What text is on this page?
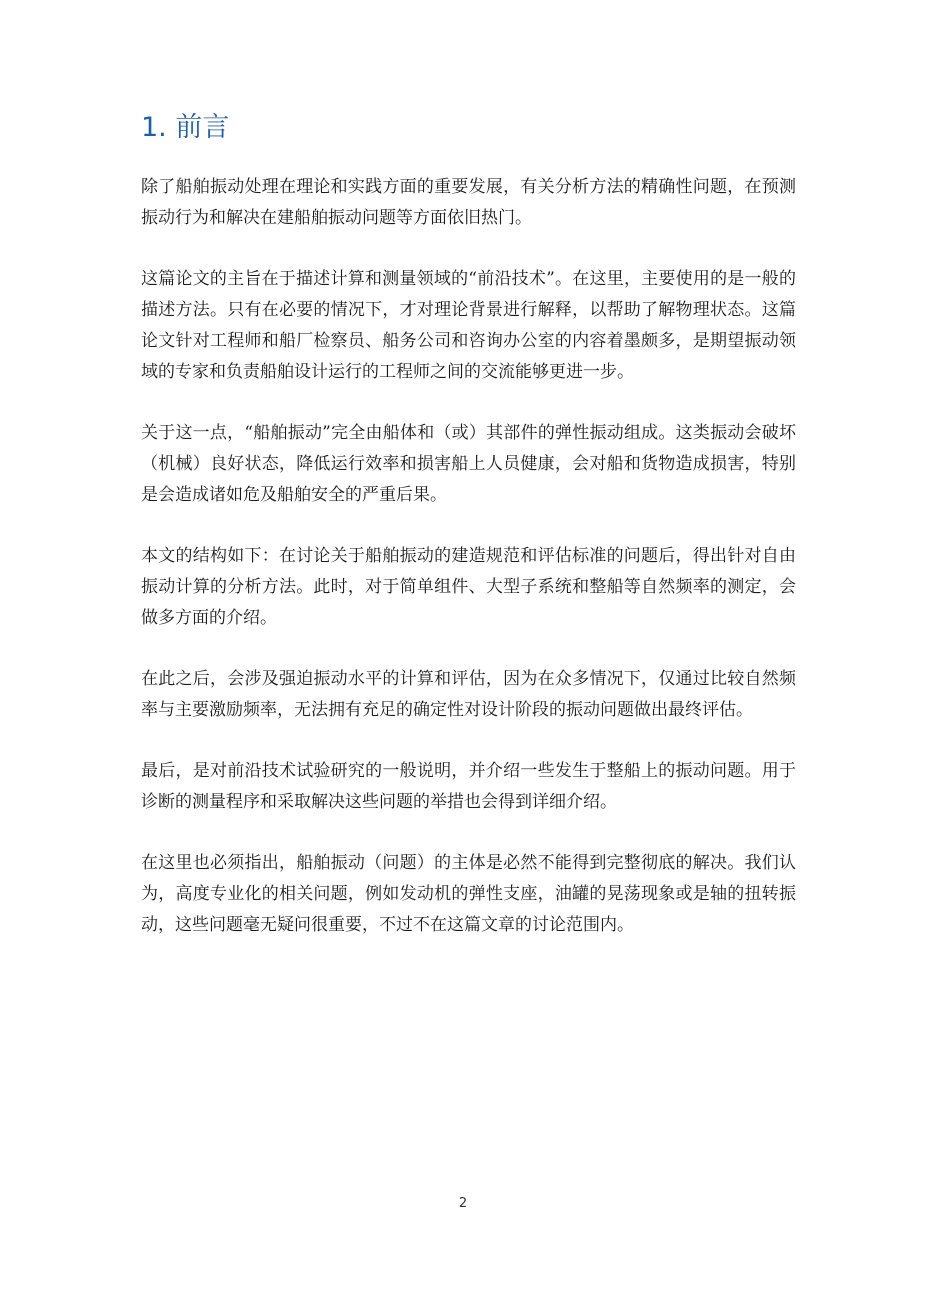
1. 前言

除了船舶振动处理在理论和实践方面的重要发展，有关分析方法的精确性问题，在预测振动行为和解决在建船舶振动问题等方面依旧热门。

这篇论文的主旨在于描述计算和测量领域的“前沿技术”。在这里，主要使用的是一般的描述方法。只有在必要的情况下，才对理论背景进行解释，以帮助了解物理状态。这篇论文针对工程师和船厂检察员、船务公司和咨询办公室的内容着墨颇多，是期望振动领域的专家和负责船舶设计运行的工程师之间的交流能够更进一步。

关于这一点，“船舶振动”完全由船体和（或）其部件的弹性振动组成。这类振动会破坏（机械）良好状态，降低运行效率和损害船上人员健康，会对船和货物造成损害，特别是会造成诸如危及船舶安全的严重后果。

本文的结构如下：在讨论关于船舶振动的建造规范和评估标准的问题后，得出针对自由振动计算的分析方法。此时，对于简单组件、大型子系统和整船等自然频率的测定，会做多方面的介绍。

在此之后，会涉及强迫振动水平的计算和评估，因为在众多情况下，仅通过比较自然频率与主要激励频率，无法拥有充足的确定性对设计阶段的振动问题做出最终评估。

最后，是对前沿技术试验研究的一般说明，并介绍一些发生于整船上的振动问题。用于诊断的测量程序和采取解决这些问题的举措也会得到详细介绍。

在这里也必须指出，船舶振动（问题）的主体是必然不能得到完整彻底的解决。我们认为，高度专业化的相关问题，例如发动机的弹性支座，油罐的晃荡现象或是轴的扭转振动，这些问题毫无疑问很重要，不过不在这篇文章的讨论范围内。

2
